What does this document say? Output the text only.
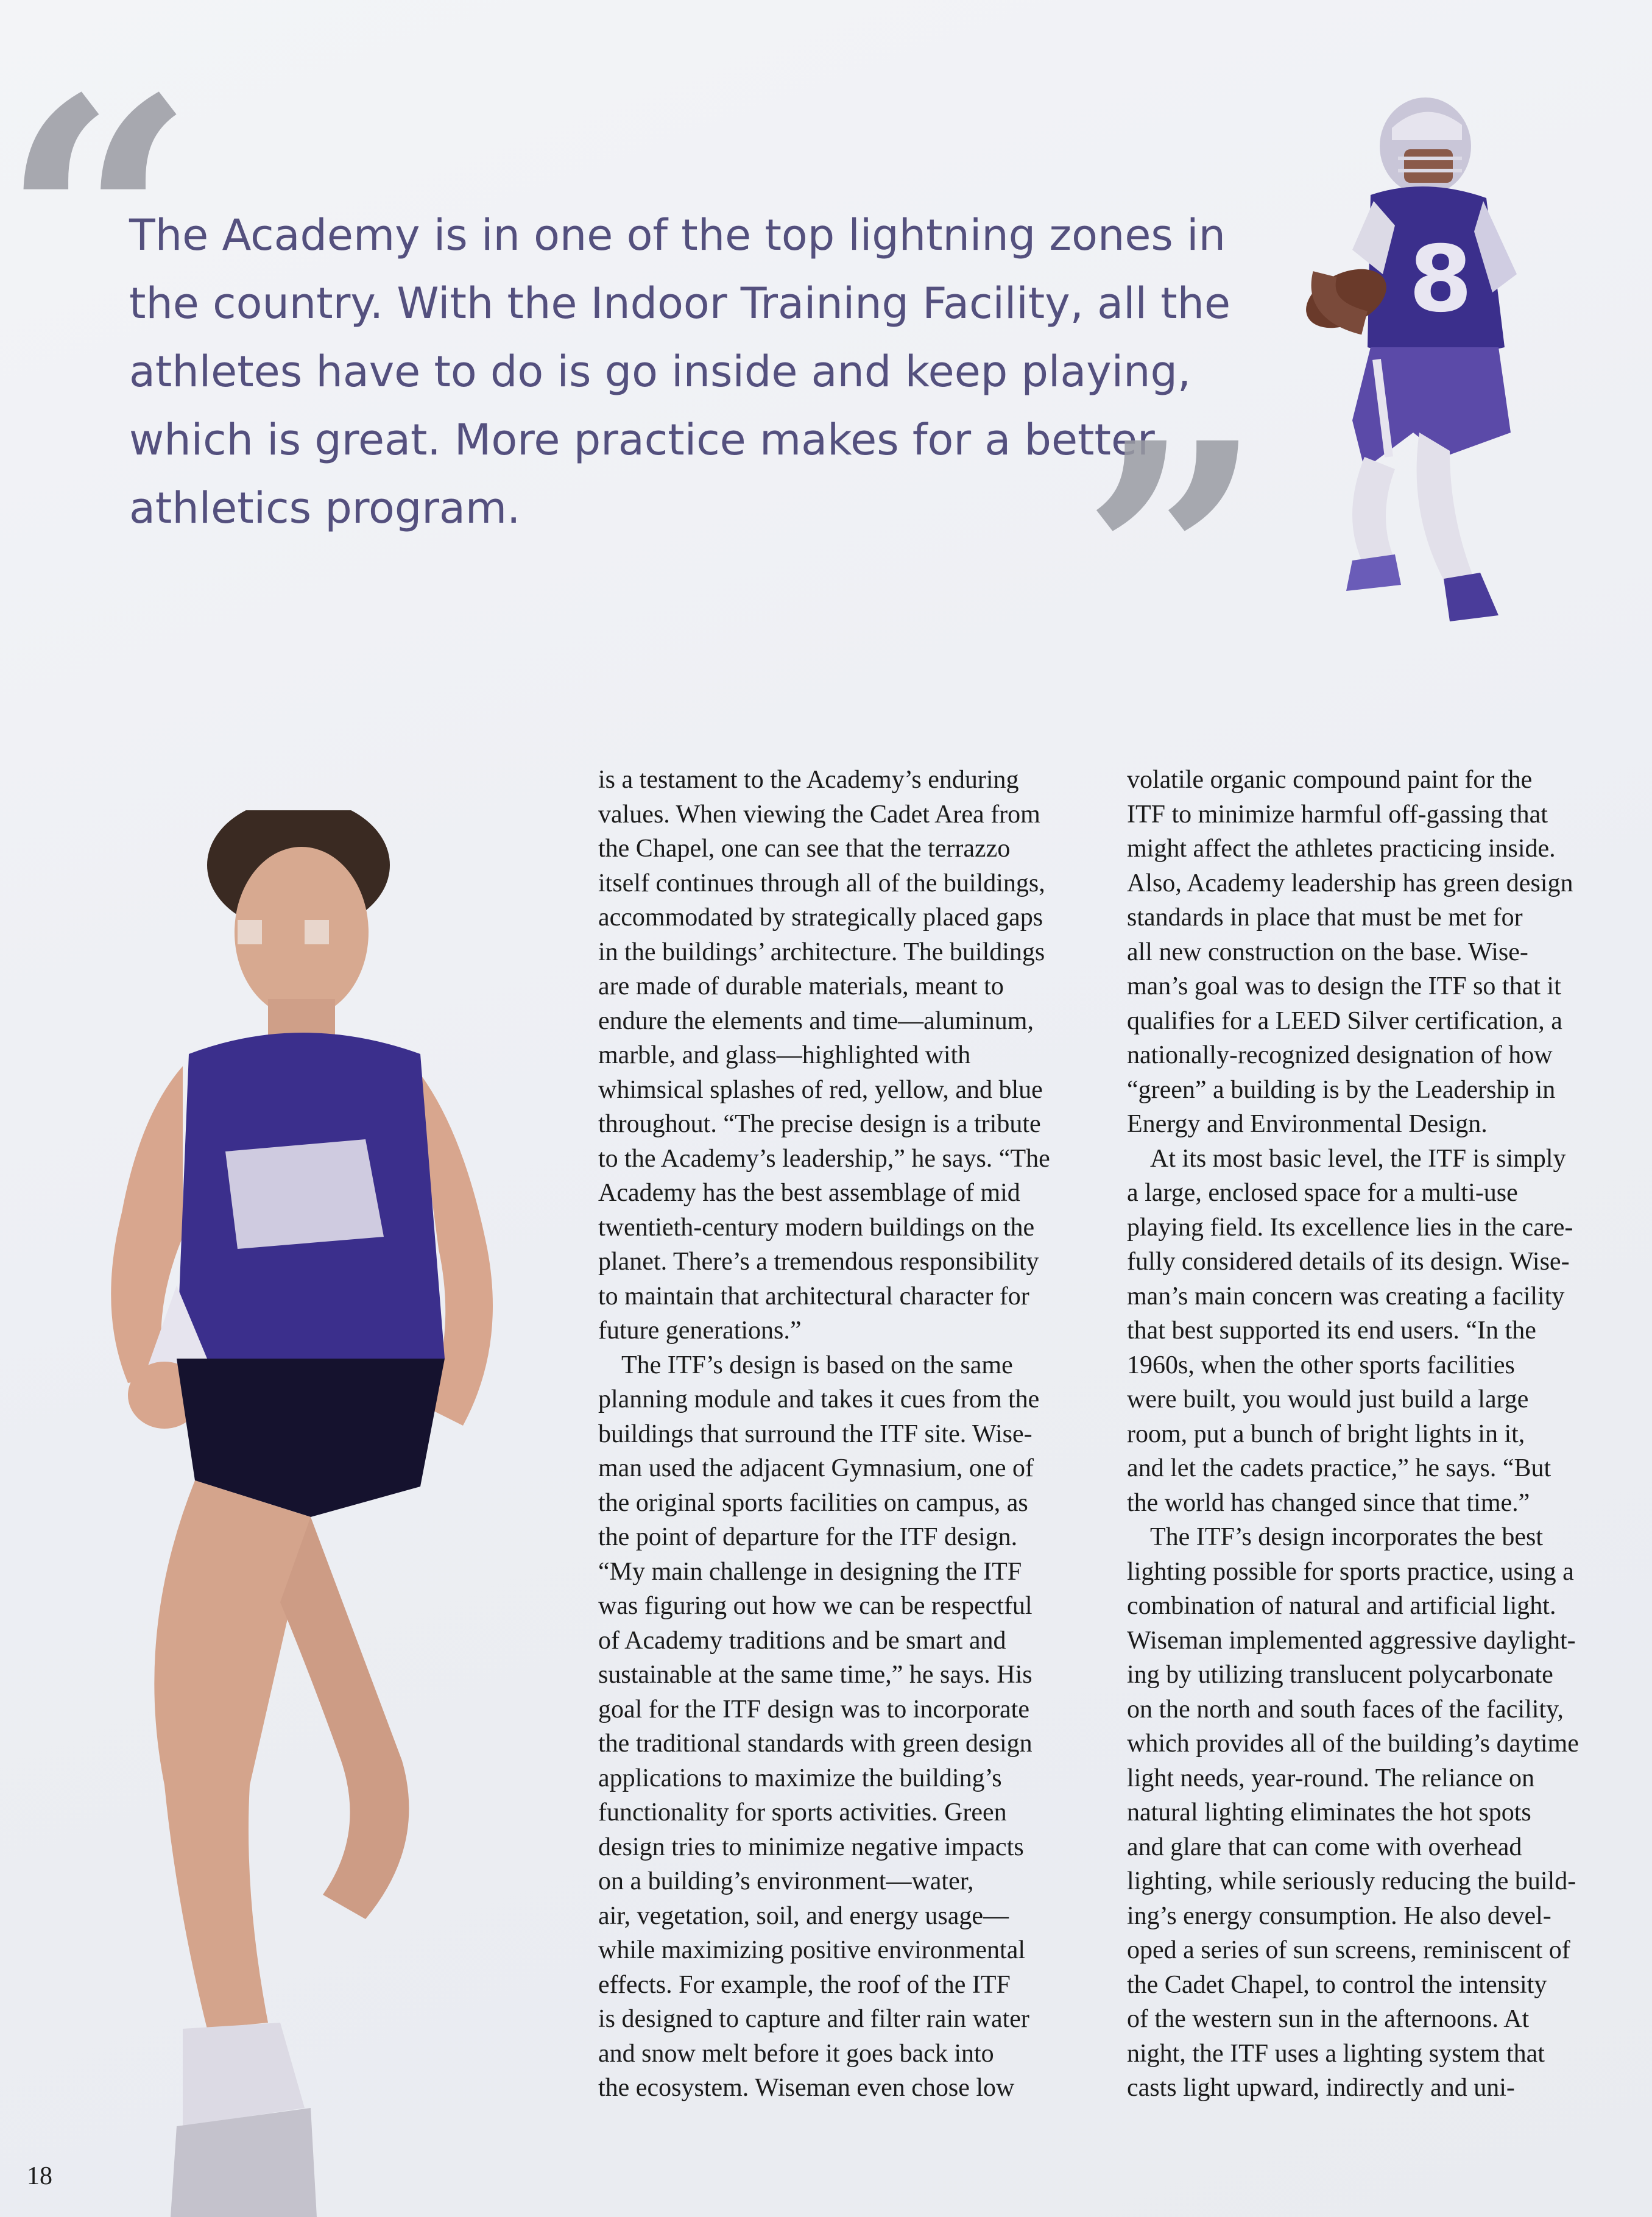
“

The Academy is in one of the top lightning zones in
the country. With the Indoor Training Facility, all the
athletes have to do is go inside and keep playing,
which is great. More practice makes for a better
athletics program.	”
8
is a testament to the Academy’s enduring
values. When viewing the Cadet Area from
the Chapel, one can see that the terrazzo
itself continues through all of the buildings,
accommodated by strategically placed gaps
in the buildings’ architecture. The buildings
are made of durable materials, meant to
endure the elements and time—aluminum,
marble, and glass—highlighted with
whimsical splashes of red, yellow, and blue
throughout. “The precise design is a tribute
to the Academy’s leadership,” he says. “The
Academy has the best assemblage of mid
twentieth-century modern buildings on the
planet. There’s a tremendous responsibility
to maintain that architectural character for
future generations.”
The ITF’s design is based on the same
planning module and takes it cues from the
buildings that surround the ITF site. Wise-
man used the adjacent Gymnasium, one of
the original sports facilities on campus, as
the point of departure for the ITF design.
“My main challenge in designing the ITF
was figuring out how we can be respectful
of Academy traditions and be smart and
sustainable at the same time,” he says. His
goal for the ITF design was to incorporate
the traditional standards with green design
applications to maximize the building’s
functionality for sports activities. Green
design tries to minimize negative impacts
on a building’s environment—water,
air, vegetation, soil, and energy usage—
while maximizing positive environmental
effects. For example, the roof of the ITF
is designed to capture and filter rain water
and snow melt before it goes back into
the ecosystem. Wiseman even chose low
volatile organic compound paint for the
ITF to minimize harmful off-gassing that
might affect the athletes practicing inside.
Also, Academy leadership has green design
standards in place that must be met for
all new construction on the base. Wise-
man’s goal was to design the ITF so that it
qualifies for a LEED Silver certification, a
nationally-recognized designation of how
“green” a building is by the Leadership in
Energy and Environmental Design.
At its most basic level, the ITF is simply
a large, enclosed space for a multi-use
playing field. Its excellence lies in the care-
fully considered details of its design. Wise-
man’s main concern was creating a facility
that best supported its end users. “In the
1960s, when the other sports facilities
were built, you would just build a large
room, put a bunch of bright lights in it,
and let the cadets practice,” he says. “But
the world has changed since that time.”
The ITF’s design incorporates the best
lighting possible for sports practice, using a
combination of natural and artificial light.
Wiseman implemented aggressive daylight-
ing by utilizing translucent polycarbonate
on the north and south faces of the facility,
which provides all of the building’s daytime
light needs, year-round. The reliance on
natural lighting eliminates the hot spots
and glare that can come with overhead
lighting, while seriously reducing the build-
ing’s energy consumption. He also devel-
oped a series of sun screens, reminiscent of
the Cadet Chapel, to control the intensity
of the western sun in the afternoons. At
night, the ITF uses a lighting system that
casts light upward, indirectly and uni-
18
